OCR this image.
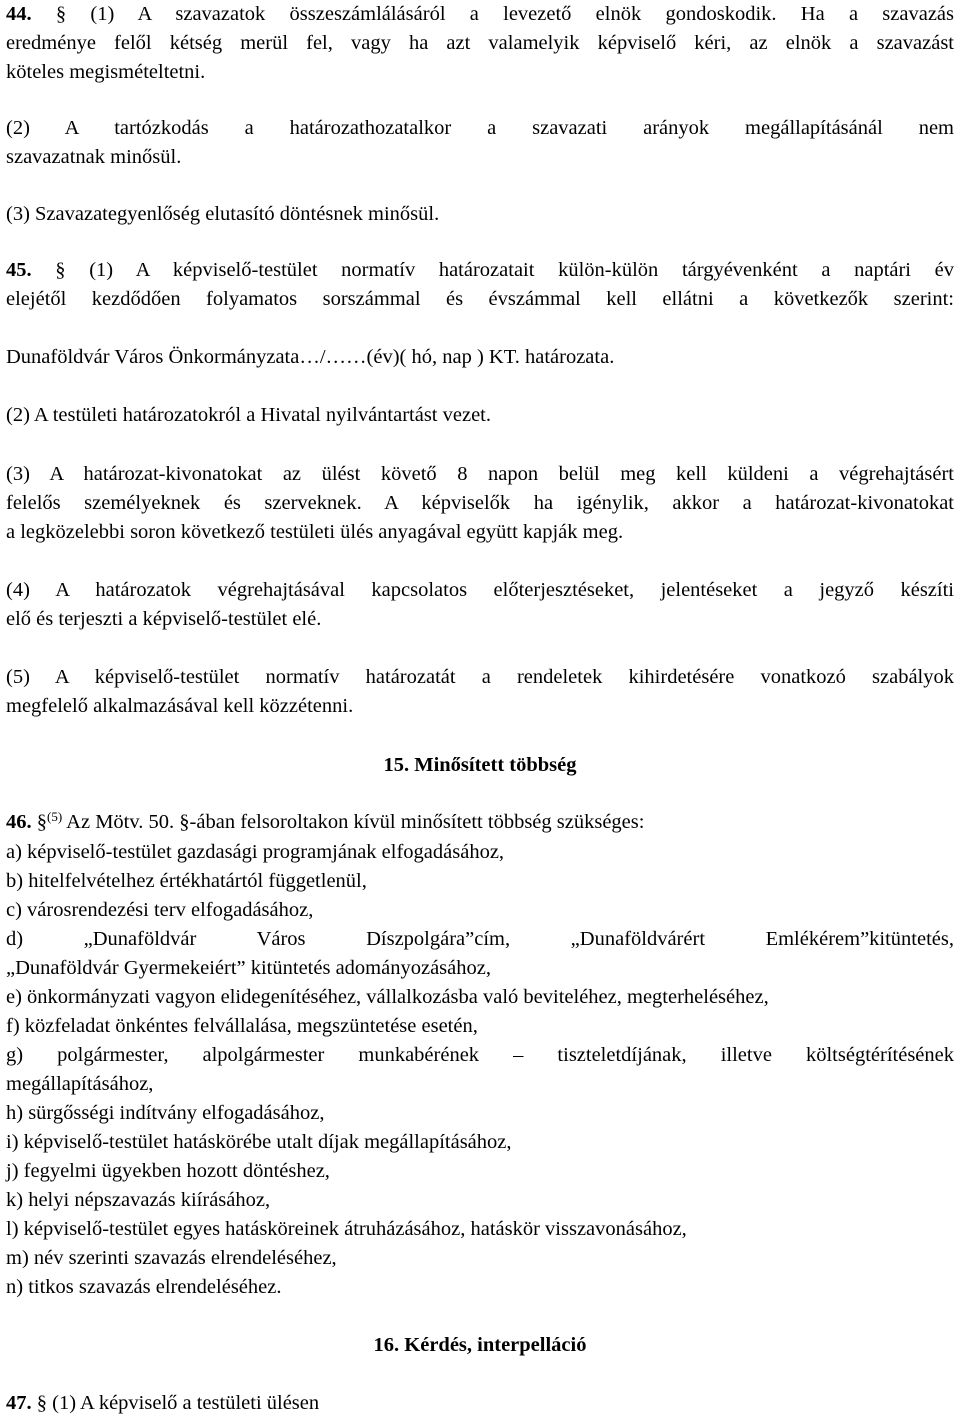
44. § (1) A szavazatok összeszámlálásáról a levezető elnök gondoskodik. Ha a szavazás
eredménye felől kétség merül fel, vagy ha azt valamelyik képviselő kéri, az elnök a szavazást
köteles megismételtetni.
(2) A tartózkodás a határozathozatalkor a szavazati arányok megállapításánál nem
szavazatnak minősül.
(3) Szavazategyenlőség elutasító döntésnek minősül.
45. § (1) A képviselő-testület normatív határozatait külön-külön tárgyévenként a naptári év
elejétől kezdődően folyamatos sorszámmal és évszámmal kell ellátni a következők szerint:
Dunaföldvár Város Önkormányzata…/……(év)( hó, nap ) KT. határozata.
(2) A testületi határozatokról a Hivatal nyilvántartást vezet.
(3) A határozat-kivonatokat az ülést követő 8 napon belül meg kell küldeni a végrehajtásért
felelős személyeknek és szerveknek. A képviselők ha igénylik, akkor a határozat-kivonatokat
a legközelebbi soron következő testületi ülés anyagával együtt kapják meg.
(4) A határozatok végrehajtásával kapcsolatos előterjesztéseket, jelentéseket a jegyző készíti
elő és terjeszti a képviselő-testület elé.
(5) A képviselő-testület normatív határozatát a rendeletek kihirdetésére vonatkozó szabályok
megfelelő alkalmazásával kell közzétenni.
15. Minősített többség
46. §$^{(5)}$ Az Mötv. 50. §-ában felsoroltakon kívül minősített többség szükséges:
a) képviselő-testület gazdasági programjának elfogadásához,
b) hitelfelvételhez értékhatártól függetlenül,
c) városrendezési terv elfogadásához,
d) „Dunaföldvár Város Díszpolgára”cím, „Dunaföldvárért Emlékérem”kitüntetés,
„Dunaföldvár Gyermekeiért” kitüntetés adományozásához,
e) önkormányzati vagyon elidegenítéséhez, vállalkozásba való beviteléhez, megterheléséhez,
f) közfeladat önkéntes felvállalása, megszüntetése esetén,
g) polgármester, alpolgármester munkabérének – tiszteletdíjának, illetve költségtérítésének
megállapításához,
h) sürgősségi indítvány elfogadásához,
i) képviselő-testület hatáskörébe utalt díjak megállapításához,
j) fegyelmi ügyekben hozott döntéshez,
k) helyi népszavazás kiírásához,
l) képviselő-testület egyes hatásköreinek átruházásához, hatáskör visszavonásához,
m) név szerinti szavazás elrendeléséhez,
n) titkos szavazás elrendeléséhez.
16. Kérdés, interpelláció
47. § (1) A képviselő a testületi ülésen
